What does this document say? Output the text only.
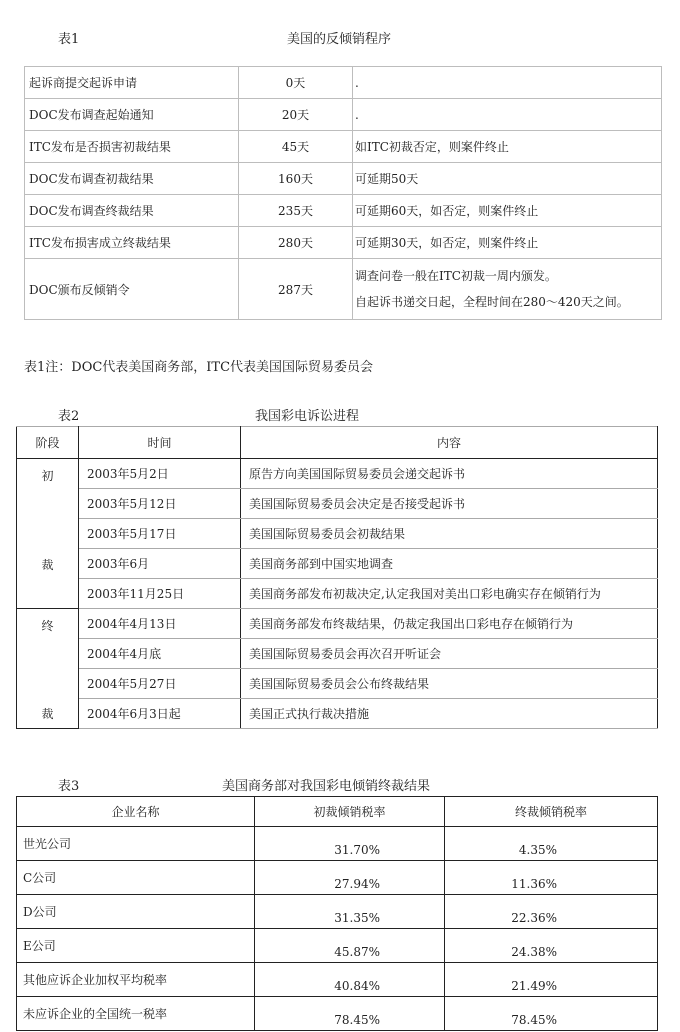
表1	美国的反倾销程序
起诉商提交起诉申请	0天	.
DOC发布调查起始通知	20天	.
ITC发布是否损害初裁结果	45天	如ITC初裁否定，则案件终止
DOC发布调查初裁结果	160天	可延期50天
DOC发布调查终裁结果	235天	可延期60天，如否定，则案件终止
ITC发布损害成立终裁结果	280天	可延期30天，如否定，则案件终止
DOC颁布反倾销令	287天	调查问卷一般在ITC初裁一周内颁发。
自起诉书递交日起，全程时间在280～420天之间。
表1注：DOC代表美国商务部，ITC代表美国国际贸易委员会
表2	我国彩电诉讼进程
阶段	时间	内容
初	2003年5月2日	原告方向美国国际贸易委员会递交起诉书
	2003年5月12日	美国国际贸易委员会决定是否接受起诉书
	2003年5月17日	美国国际贸易委员会初裁结果
裁	2003年6月	美国商务部到中国实地调查
	2003年11月25日	美国商务部发布初裁决定,认定我国对美出口彩电确实存在倾销行为
终	2004年4月13日	美国商务部发布终裁结果，仍裁定我国出口彩电存在倾销行为
	2004年4月底	美国国际贸易委员会再次召开听证会
裁	2004年5月27日	美国国际贸易委员会公布终裁结果
	2004年6月3日起	美国正式执行裁决措施
表3	美国商务部对我国彩电倾销终裁结果
企业名称	初裁倾销税率	终裁倾销税率
世光公司	31.70%	4.35%
C公司	27.94%	11.36%
D公司	31.35%	22.36%
E公司	45.87%	24.38%
其他应诉企业加权平均税率	40.84%	21.49%
未应诉企业的全国统一税率	78.45%	78.45%
